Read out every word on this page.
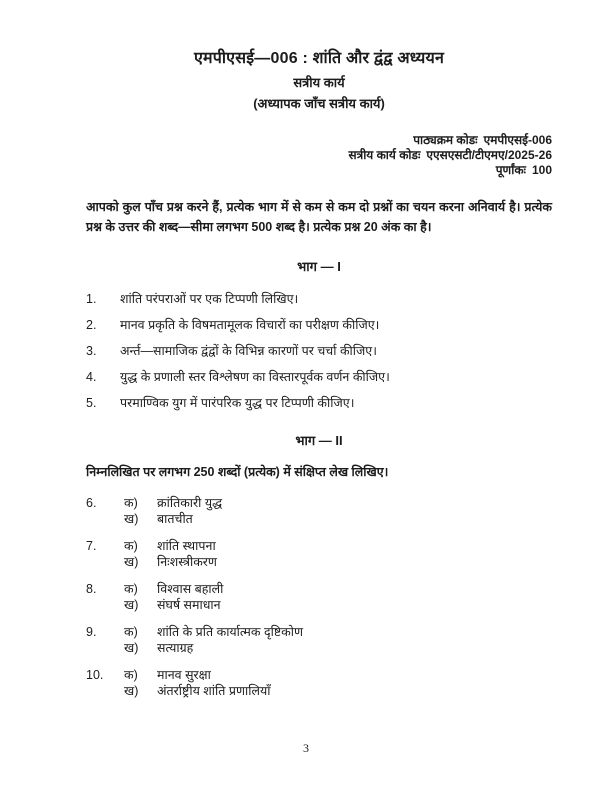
एमपीएसई—006 : शांति और द्वंद्व अध्ययन
सत्रीय कार्य
(अध्यापक जाँच सत्रीय कार्य)
पाठ्यक्रम कोडः एमपीएसई-006
सत्रीय कार्य कोडः एएसएसटी/टीएमए/2025-26
पूर्णांकः 100

आपको कुल पाँच प्रश्न करने हैं, प्रत्येक भाग में से कम से कम दो प्रश्नों का चयन करना अनिवार्य है। प्रत्येक प्रश्न के उत्तर की शब्द—सीमा लगभग 500 शब्द है। प्रत्येक प्रश्न 20 अंक का है।

भाग — I
1.	शांति परंपराओं पर एक टिप्पणी लिखिए।
2.	मानव प्रकृति के विषमतामूलक विचारों का परीक्षण कीजिए।
3.	अर्न्त—सामाजिक द्वंद्वों के विभिन्न कारणों पर चर्चा कीजिए।
4.	युद्ध के प्रणाली स्तर विश्लेषण का विस्तारपूर्वक वर्णन कीजिए।
5.	परमाण्विक युग में पारंपरिक युद्ध पर टिप्पणी कीजिए।
भाग — II

निम्नलिखित पर लगभग 250 शब्दों (प्रत्येक) में संक्षिप्त लेख लिखिए।

6.	क)	क्रांतिकारी युद्ध
ख)	बातचीत
7.	क)	शांति स्थापना
ख)	निःशस्त्रीकरण
8.	क)	विश्वास बहाली
ख)	संघर्ष समाधान
9.	क)	शांति के प्रति कार्यात्मक दृष्टिकोण
ख)	सत्याग्रह
10.	क)	मानव सुरक्षा
ख)	अंतर्राष्ट्रीय शांति प्रणालियाँ
3
